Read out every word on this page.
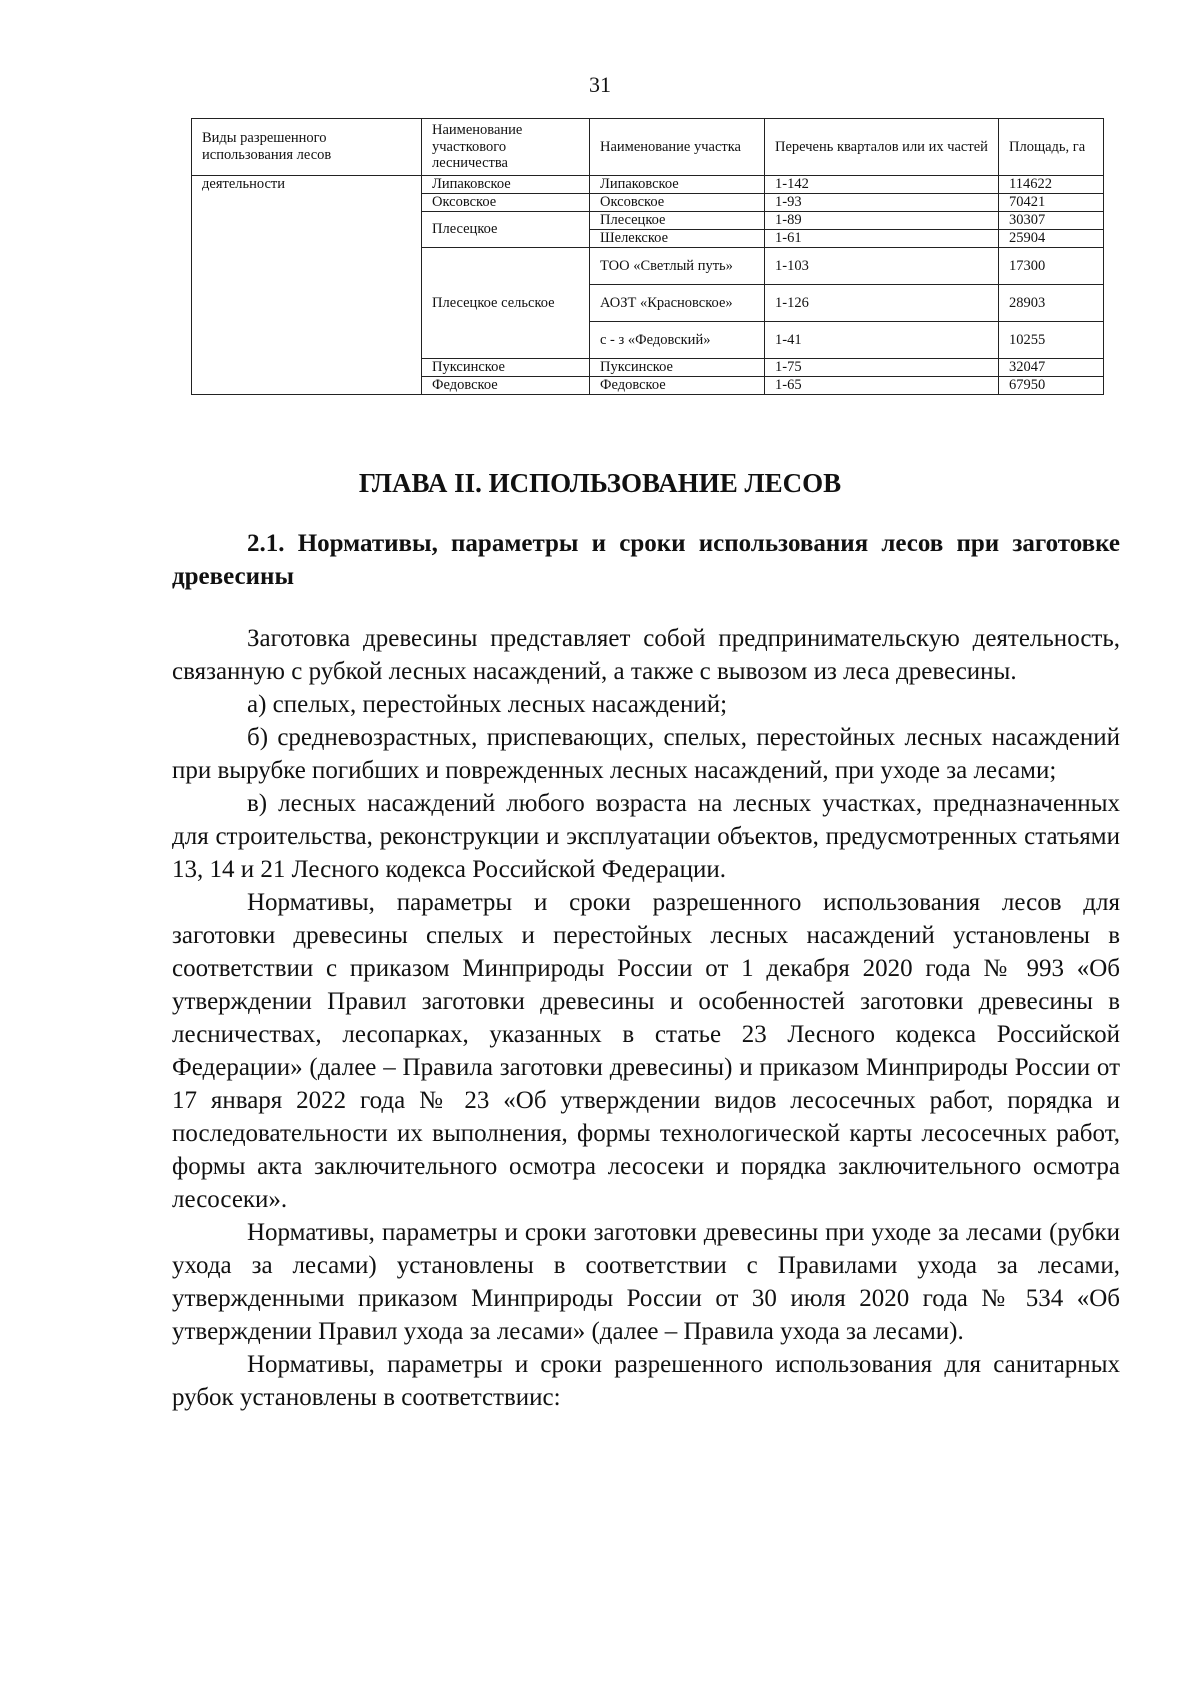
31
Виды разрешенного использования лесов	Наименование участкового лесничества	Наименование участка	Перечень кварталов или их частей	Площадь, га
деятельности	Липаковское	Липаковское	1-142	114622
	Оксовское	Оксовское	1-93	70421
	Плесецкое	Плесецкое	1-89	30307
		Шелекское	1-61	25904
	Плесецкое сельское	ТОО «Светлый путь»	1-103	17300
		АОЗТ «Красновское»	1-126	28903
		с - з «Федовский»	1-41	10255
	Пуксинское	Пуксинское	1-75	32047
	Федовское	Федовское	1-65	67950
ГЛАВА II. ИСПОЛЬЗОВАНИЕ ЛЕСОВ
2.1. Нормативы, параметры и сроки использования лесов при заготовке древесины

Заготовка древесины представляет собой предпринимательскую деятельность, связанную с рубкой лесных насаждений, а также с вывозом из леса древесины.

а) спелых, перестойных лесных насаждений;

б) средневозрастных, приспевающих, спелых, перестойных лесных насаждений при вырубке погибших и поврежденных лесных насаждений, при уходе за лесами;

в) лесных насаждений любого возраста на лесных участках, предназначенных для строительства, реконструкции и эксплуатации объектов, предусмотренных статьями 13, 14 и 21 Лесного кодекса Российской Федерации.

Нормативы, параметры и сроки разрешенного использования лесов для заготовки древесины спелых и перестойных лесных насаждений установлены в соответствии с приказом Минприроды России от 1 декабря 2020 года № 993 «Об утверждении Правил заготовки древесины и особенностей заготовки древесины в лесничествах, лесопарках, указанных в статье 23 Лесного кодекса Российской Федерации» (далее – Правила заготовки древесины) и приказом Минприроды России от 17 января 2022 года № 23 «Об утверждении видов лесосечных работ, порядка и последовательности их выполнения, формы технологической карты лесосечных работ, формы акта заключительного осмотра лесосеки и порядка заключительного осмотра лесосеки».

Нормативы, параметры и сроки заготовки древесины при уходе за лесами (рубки ухода за лесами) установлены в соответствии с Правилами ухода за лесами, утвержденными приказом Минприроды России от 30 июля 2020 года № 534 «Об утверждении Правил ухода за лесами» (далее – Правила ухода за лесами).

Нормативы, параметры и сроки разрешенного использования для санитарных рубок установлены в соответствиис:
